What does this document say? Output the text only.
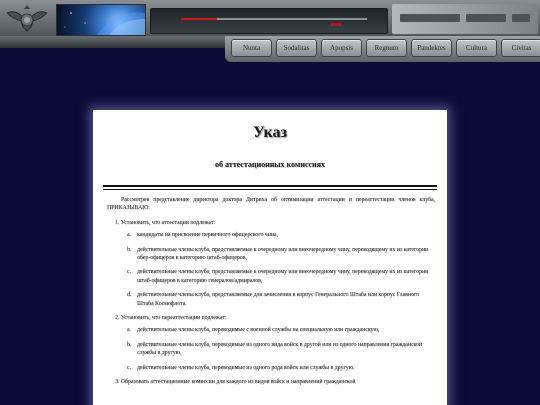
Nunta	Sodalitas	Apopsis	Regnum	Pandektes	Cultura	Civitas
Указ
об аттестационных комиссиях

Рассмотрев представление директора доктора Дитриха об оптимизации аттестации и переаттестации членов клуба, ПРИКАЗЫВАЮ:

1. Установить, что аттестации подлежат:
a.	кандидаты на присвоение первичного офицерского чина,
b. действительные члены клуба, представляемые к очередному или внеочередному чину, переводящему их из категории обер-офицеров в категорию штаб-офицеров,
c.	действительные члены клуба, представляемые к очередному или внеочередному чину, переводящему их из категории штаб-офицеров в категорию генералов/адмиралов,
d. действительные члены клуба, представляемые для зачисления в корпус Генерального Штаба или корпус Главного Штаба Космофлота.
2. Установить, что переаттестации подлежат:
a.	действительные члены клуба, переводимые с военной службы на специальную или гражданскую,
b. действительные члены клуба, переводимые из одного вида войск в другой или из одного направления гражданской службы в другую,
c.	действительные члены клуба, переводимые из одного рода войск или службы в другую.
3. Образовать аттестационные комиссии для каждого из видов войск и направлений гражданской
